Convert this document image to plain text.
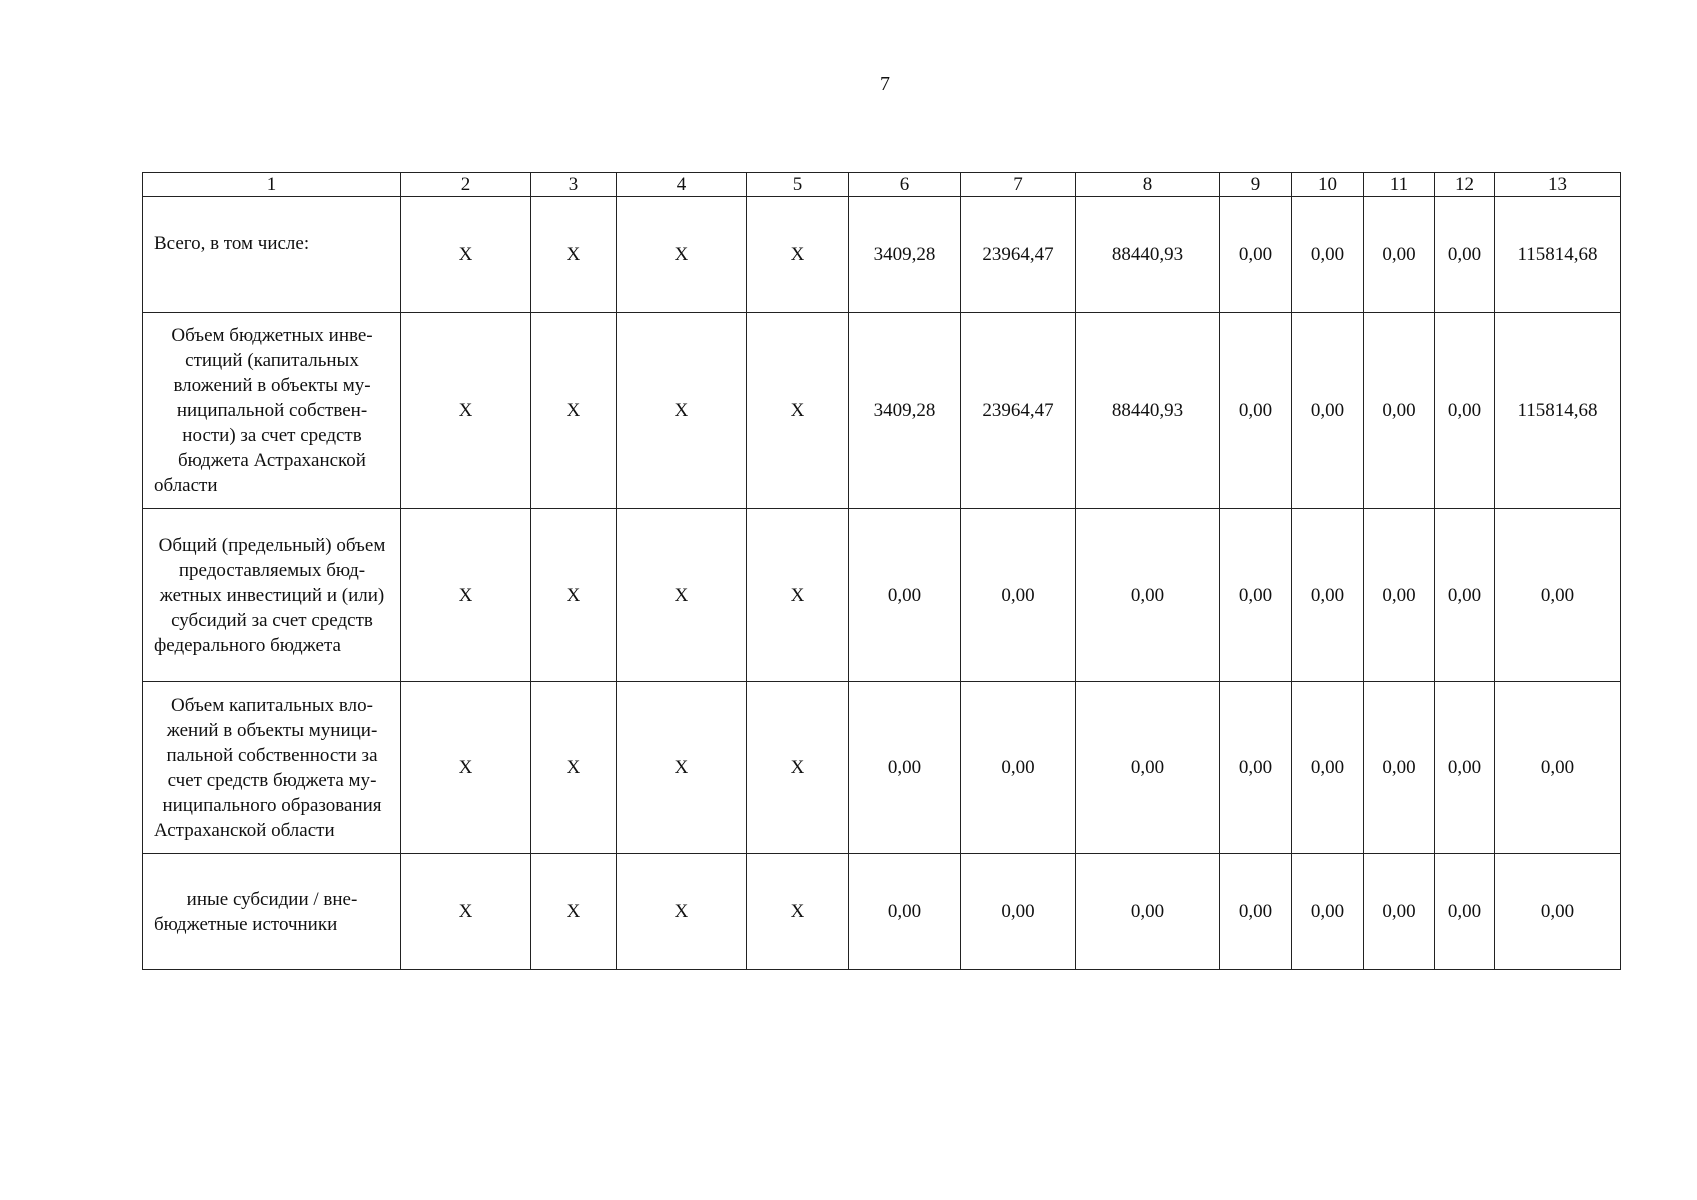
7
1	2	3	4	5	6	7	8	9	10	11	12	13

Всего, в том числе:	X	X	X	X	3409,28	23964,47	88440,93	0,00	0,00	0,00	0,00	115814,68

Объем бюджетных инвестиций (капитальных вложений в объекты муниципальной собственности) за счет средств бюджета Астраханской области	X	X	X	X	3409,28	23964,47	88440,93	0,00	0,00	0,00	0,00	115814,68

Общий (предельный) объем предоставляемых бюджетных инвестиций и (или) субсидий за счет средств федерального бюджета	X	X	X	X	0,00	0,00	0,00	0,00	0,00	0,00	0,00	0,00

Объем капитальных вложений в объекты муниципальной собственности за счет средств бюджета муниципального образования Астраханской области	X	X	X	X	0,00	0,00	0,00	0,00	0,00	0,00	0,00	0,00

иные субсидии / внебюджетные источники	X	X	X	X	0,00	0,00	0,00	0,00	0,00	0,00	0,00	0,00
